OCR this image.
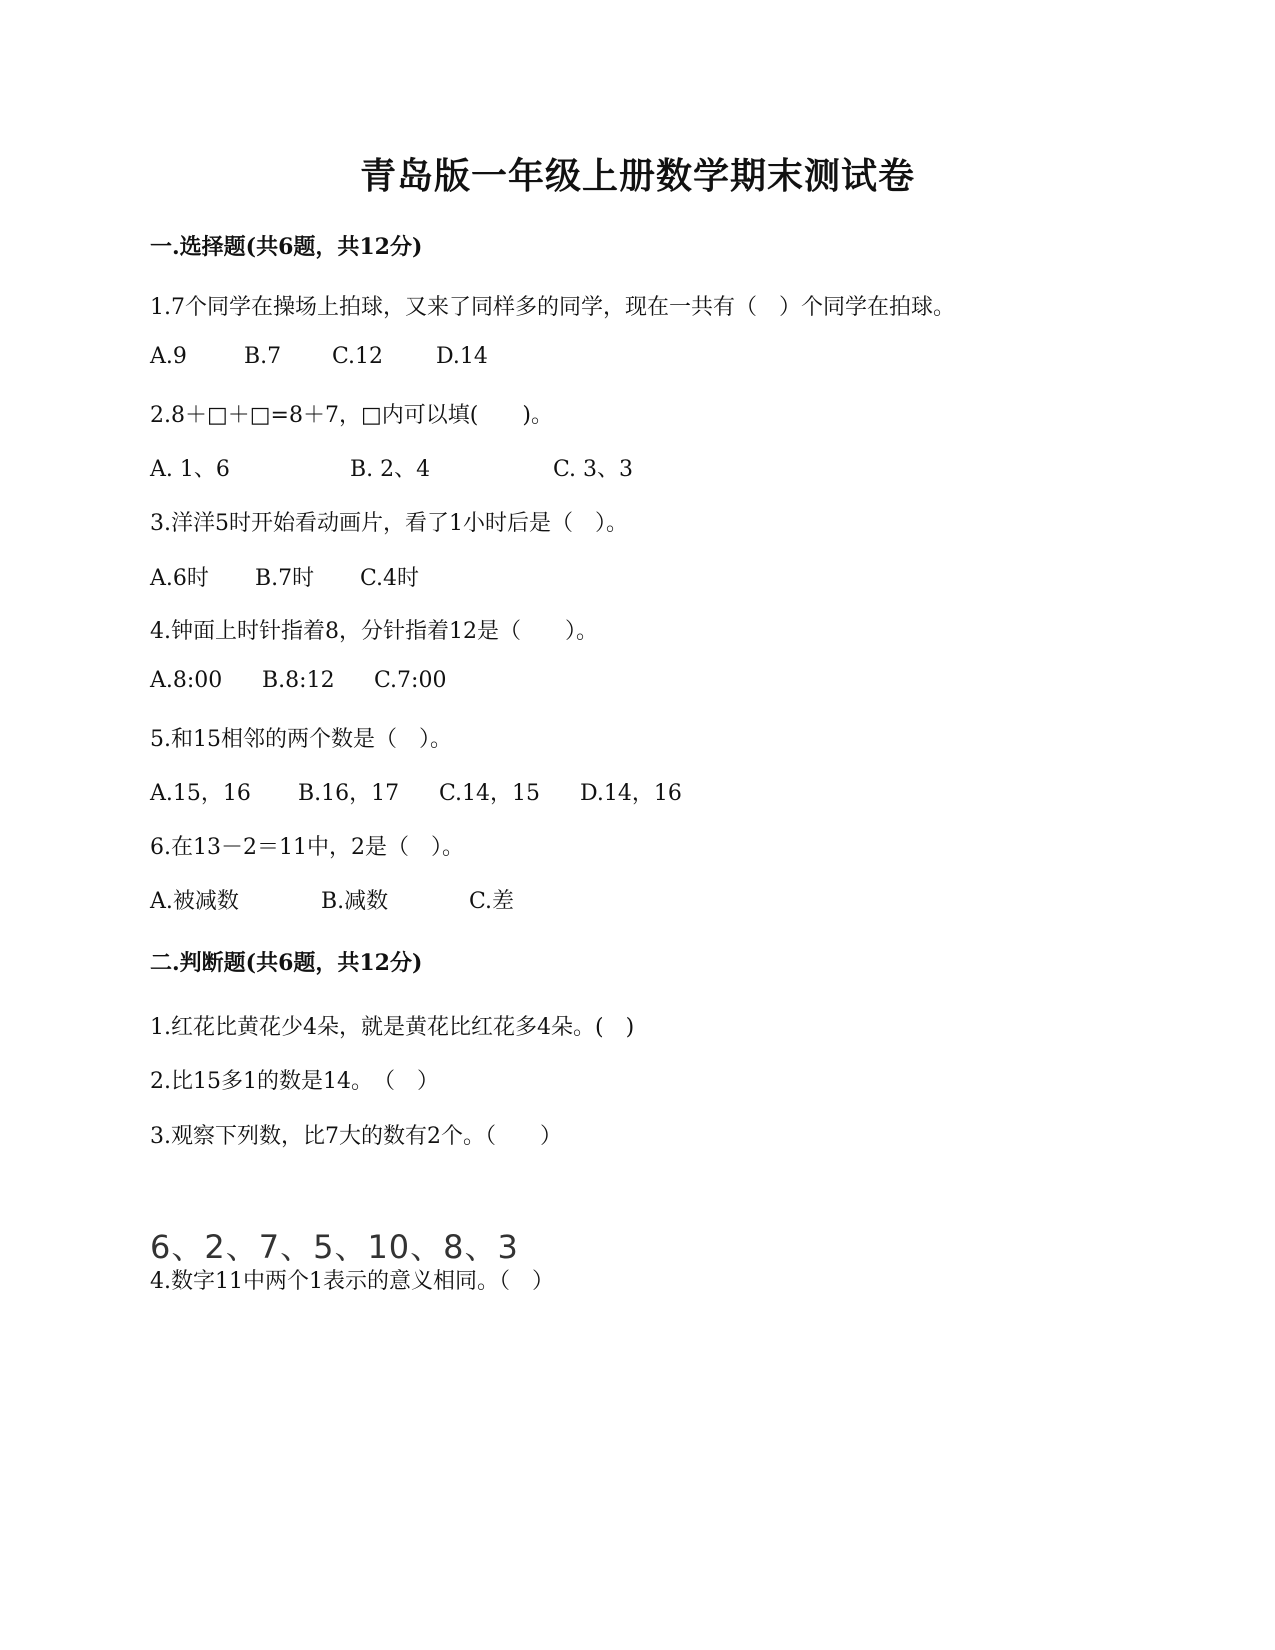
青岛版一年级上册数学期末测试卷
一.选择题(共6题，共12分)
1.7个同学在操场上拍球，又来了同样多的同学，现在一共有（　）个同学在拍球。
A.9	B.7 C.12 D.14
2.8＋□＋□=8＋7，□内可以填(　　)。
A. 1、6	B. 2、4	C. 3、3
3.洋洋5时开始看动画片，看了1小时后是（　）。
A.6时 B.7时 C.4时
4.钟面上时针指着8，分针指着12是（　　）。
A.8:00 B.8:12 C.7:00
5.和15相邻的两个数是（　）。
A.15，16 B.16，17 C.14，15 D.14，16
6.在13－2＝11中，2是（　）。
A.被减数	B.减数	C.差
二.判断题(共6题，共12分)
1.红花比黄花少4朵，就是黄花比红花多4朵。(　)
2.比15多1的数是14。　（　）
3.观察下列数，比7大的数有2个。（　　）
6、2、7、5、10、8、3
4.数字11中两个1表示的意义相同。（　）
